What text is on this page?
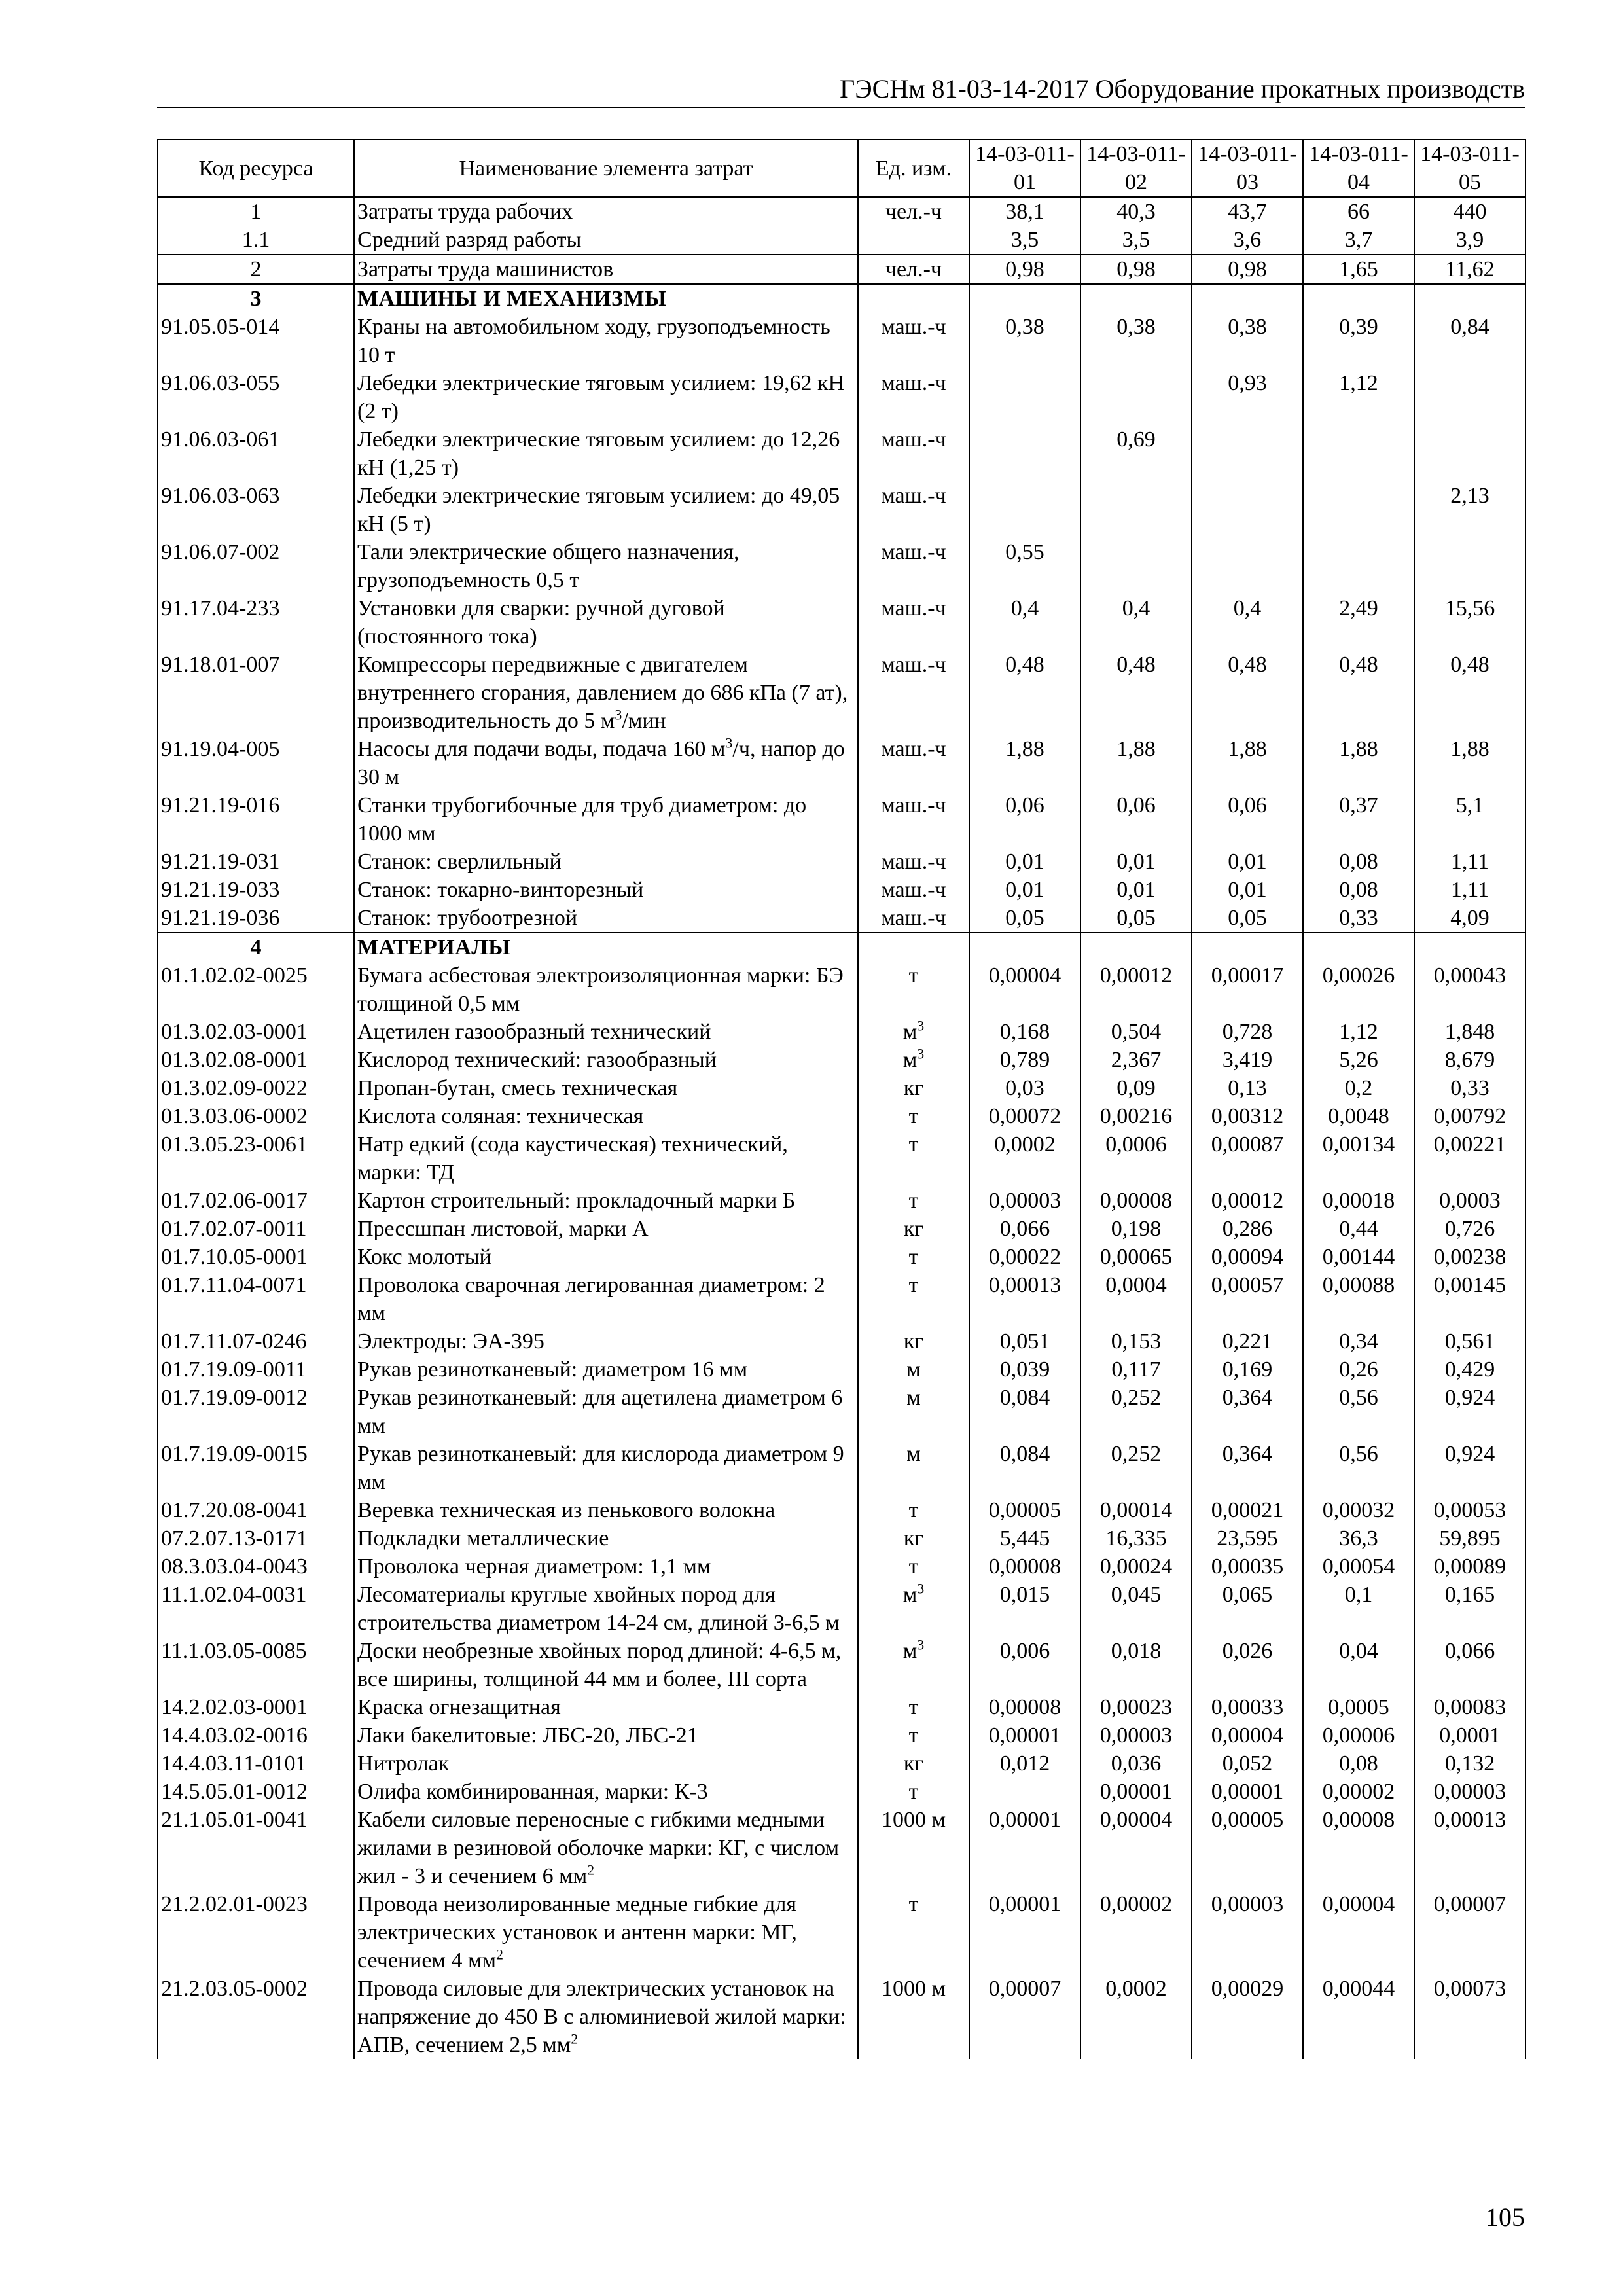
ГЭСНм 81-03-14-2017 Оборудование прокатных производств
Код ресурса	Наименование элемента затрат	Ед. изм.	14-03-011-01	14-03-011-02	14-03-011-03	14-03-011-04	14-03-011-05
1	Затраты труда рабочих	чел.-ч	38,1	40,3	43,7	66	440
1.1	Средний разряд работы		3,5	3,5	3,6	3,7	3,9
2	Затраты труда машинистов	чел.-ч	0,98	0,98	0,98	1,65	11,62
3	МАШИНЫ И МЕХАНИЗМЫ						
91.05.05-014	Краны на автомобильном ходу, грузоподъемность 10 т	маш.-ч	0,38	0,38	0,38	0,39	0,84
91.06.03-055	Лебедки электрические тяговым усилием: 19,62 кН (2 т)	маш.-ч			0,93	1,12	
91.06.03-061	Лебедки электрические тяговым усилием: до 12,26 кН (1,25 т)	маш.-ч		0,69			
91.06.03-063	Лебедки электрические тяговым усилием: до 49,05 кН (5 т)	маш.-ч					2,13
91.06.07-002	Тали электрические общего назначения, грузоподъемность 0,5 т	маш.-ч	0,55				
91.17.04-233	Установки для сварки: ручной дуговой (постоянного тока)	маш.-ч	0,4	0,4	0,4	2,49	15,56
91.18.01-007	Компрессоры передвижные с двигателем внутреннего сгорания, давлением до 686 кПа (7 ат), производительность до 5 $м^3$/мин	маш.-ч	0,48	0,48	0,48	0,48	0,48
91.19.04-005	Насосы для подачи воды, подача 160 $м^3/ч$, напор до 30 м	маш.-ч	1,88	1,88	1,88	1,88	1,88
91.21.19-016	Станки трубогибочные для труб диаметром: до 1000 мм	маш.-ч	0,06	0,06	0,06	0,37	5,1
91.21.19-031	Станок: сверлильный	маш.-ч	0,01	0,01	0,01	0,08	1,11
91.21.19-033	Станок: токарно-винторезный	маш.-ч	0,01	0,01	0,01	0,08	1,11
91.21.19-036	Станок: трубоотрезной	маш.-ч	0,05	0,05	0,05	0,33	4,09
4	МАТЕРИАЛЫ						
01.1.02.02-0025	Бумага асбестовая электроизоляционная марки: БЭ толщиной 0,5 мм	т	0,00004	0,00012	0,00017	0,00026	0,00043
01.3.02.03-0001	Ацетилен газообразный технический	$м^3$	0,168	0,504	0,728	1,12	1,848
01.3.02.08-0001	Кислород технический: газообразный	$м^3$	0,789	2,367	3,419	5,26	8,679
01.3.02.09-0022	Пропан-бутан, смесь техническая	кг	0,03	0,09	0,13	0,2	0,33
01.3.03.06-0002	Кислота соляная: техническая	т	0,00072	0,00216	0,00312	0,0048	0,00792
01.3.05.23-0061	Натр едкий (сода каустическая) технический, марки: ТД	т	0,0002	0,0006	0,00087	0,00134	0,00221
01.7.02.06-0017	Картон строительный: прокладочный марки Б	т	0,00003	0,00008	0,00012	0,00018	0,0003
01.7.02.07-0011	Прессшпан листовой, марки А	кг	0,066	0,198	0,286	0,44	0,726
01.7.10.05-0001	Кокс молотый	т	0,00022	0,00065	0,00094	0,00144	0,00238
01.7.11.04-0071	Проволока сварочная легированная диаметром: 2 мм	т	0,00013	0,0004	0,00057	0,00088	0,00145
01.7.11.07-0246	Электроды: ЭА-395	кг	0,051	0,153	0,221	0,34	0,561
01.7.19.09-0011	Рукав резинотканевый: диаметром 16 мм	м	0,039	0,117	0,169	0,26	0,429
01.7.19.09-0012	Рукав резинотканевый: для ацетилена диаметром 6 мм	м	0,084	0,252	0,364	0,56	0,924
01.7.19.09-0015	Рукав резинотканевый: для кислорода диаметром 9 мм	м	0,084	0,252	0,364	0,56	0,924
01.7.20.08-0041	Веревка техническая из пенькового волокна	т	0,00005	0,00014	0,00021	0,00032	0,00053
07.2.07.13-0171	Подкладки металлические	кг	5,445	16,335	23,595	36,3	59,895
08.3.03.04-0043	Проволока черная диаметром: 1,1 мм	т	0,00008	0,00024	0,00035	0,00054	0,00089
11.1.02.04-0031	Лесоматериалы круглые хвойных пород для строительства диаметром 14-24 см, длиной 3-6,5 м	$м^3$	0,015	0,045	0,065	0,1	0,165
11.1.03.05-0085	Доски необрезные хвойных пород длиной: 4-6,5 м, все ширины, толщиной 44 мм и более, III сорта	$м^3$	0,006	0,018	0,026	0,04	0,066
14.2.02.03-0001	Краска огнезащитная	т	0,00008	0,00023	0,00033	0,0005	0,00083
14.4.03.02-0016	Лаки бакелитовые: ЛБС-20, ЛБС-21	т	0,00001	0,00003	0,00004	0,00006	0,0001
14.4.03.11-0101	Нитролак	кг	0,012	0,036	0,052	0,08	0,132
14.5.05.01-0012	Олифа комбинированная, марки: К-3	т		0,00001	0,00001	0,00002	0,00003
21.1.05.01-0041	Кабели силовые переносные с гибкими медными жилами в резиновой оболочке марки: КГ, с числом жил - 3 и сечением 6 $мм^2$	1000 м	0,00001	0,00004	0,00005	0,00008	0,00013
21.2.02.01-0023	Провода неизолированные медные гибкие для электрических установок и антенн марки: МГ, сечением 4 $мм^2$	т	0,00001	0,00002	0,00003	0,00004	0,00007
21.2.03.05-0002	Провода силовые для электрических установок на напряжение до 450 В с алюминиевой жилой марки: АПВ, сечением 2,5 $мм^2$	1000 м	0,00007	0,0002	0,00029	0,00044	0,00073
105
